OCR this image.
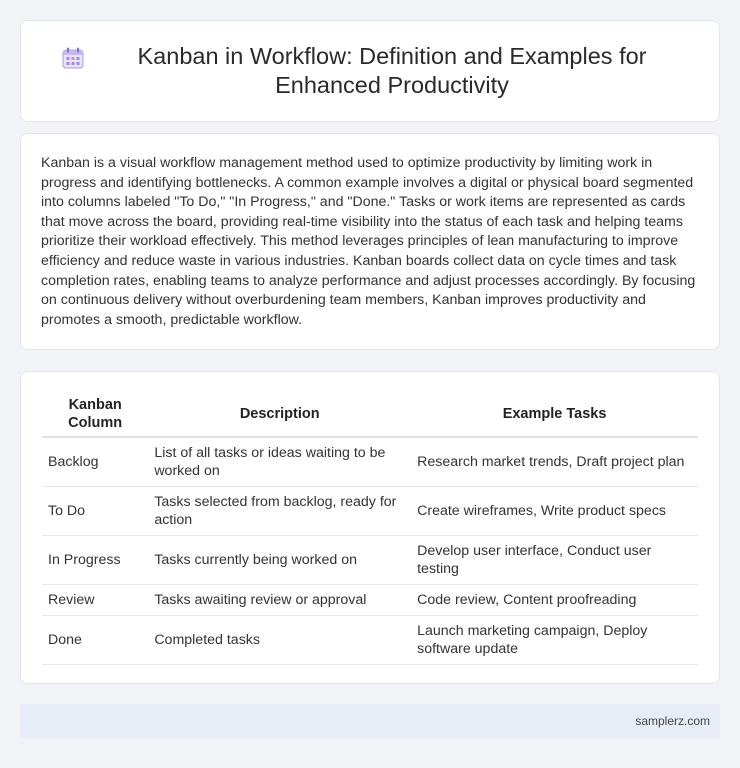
Kanban in Workflow: Definition and Examples for Enhanced Productivity

Kanban is a visual workflow management method used to optimize productivity by limiting work in progress and identifying bottlenecks. A common example involves a digital or physical board segmented into columns labeled "To Do," "In Progress," and "Done." Tasks or work items are represented as cards that move across the board, providing real-time visibility into the status of each task and helping teams prioritize their workload effectively. This method leverages principles of lean manufacturing to improve efficiency and reduce waste in various industries. Kanban boards collect data on cycle times and task completion rates, enabling teams to analyze performance and adjust processes accordingly. By focusing on continuous delivery without overburdening team members, Kanban improves productivity and promotes a smooth, predictable workflow.

Kanban Column	Description	Example Tasks
Backlog	List of all tasks or ideas waiting to be worked on	Research market trends, Draft project plan
To Do	Tasks selected from backlog, ready for action	Create wireframes, Write product specs
In Progress	Tasks currently being worked on	Develop user interface, Conduct user testing
Review	Tasks awaiting review or approval	Code review, Content proofreading
Done	Completed tasks	Launch marketing campaign, Deploy software update
samplerz.com
